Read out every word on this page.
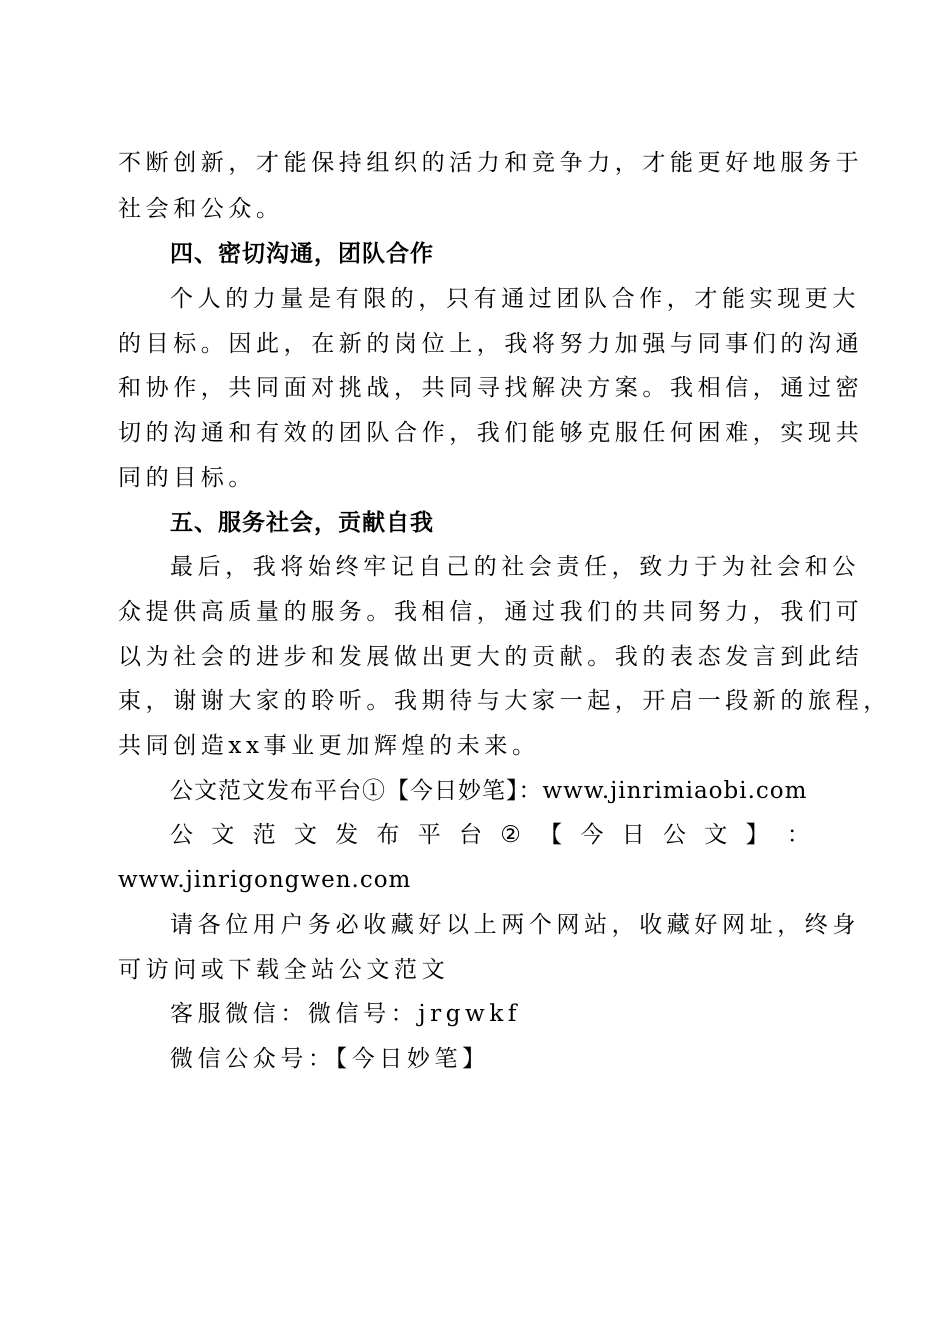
不断创新，才能保持组织的活力和竞争力，才能更好地服务于
社会和公众。
四、密切沟通，团队合作
个人的力量是有限的，只有通过团队合作，才能实现更大
的目标。因此，在新的岗位上，我将努力加强与同事们的沟通
和协作，共同面对挑战，共同寻找解决方案。我相信，通过密
切的沟通和有效的团队合作，我们能够克服任何困难，实现共
同的目标。
五、服务社会，贡献自我
最后，我将始终牢记自己的社会责任，致力于为社会和公
众提供高质量的服务。我相信，通过我们的共同努力，我们可
以为社会的进步和发展做出更大的贡献。我的表态发言到此结
束，谢谢大家的聆听。我期待与大家一起，开启一段新的旅程，
共同创造xx事业更加辉煌的未来。
公文范文发布平台①【今日妙笔】：www.jinrimiaobi.com
公 文 范 文 发 布 平 台 ② 【 今 日 公 文 】 ：
www.jinrigongwen.com
请各位用户务必收藏好以上两个网站，收藏好网址，终身
可访问或下载全站公文范文
客服微信：微信号：jrgwkf
微信公众号：【今日妙笔】
